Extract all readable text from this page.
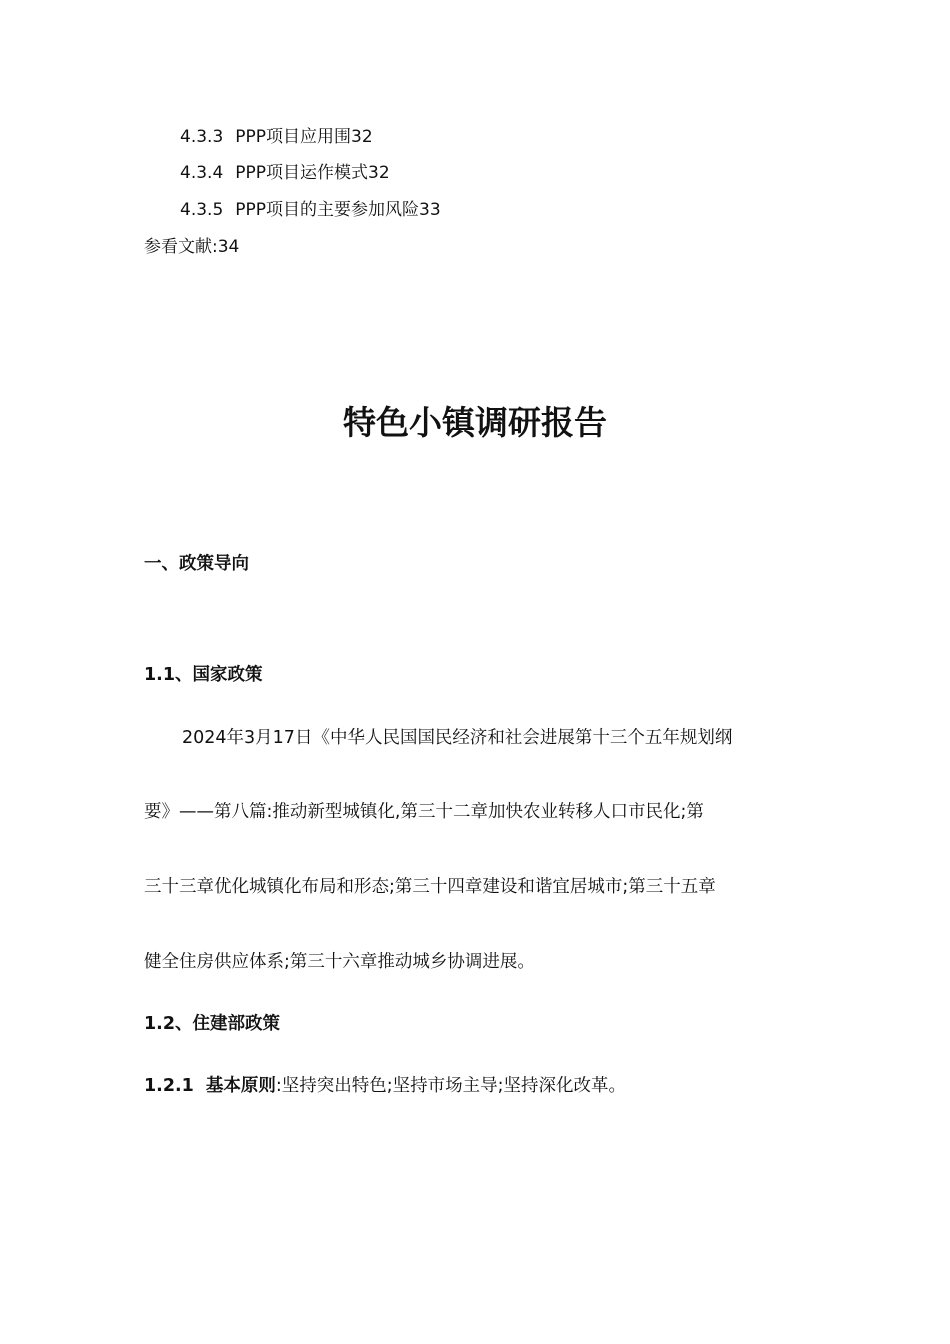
4.3.3 PPP项目应用围32
4.3.4 PPP项目运作模式32
4.3.5 PPP项目的主要参加风险33
参看文献:34
特色小镇调研报告
一、政策导向
1.1、国家政策
2024年3月17日《中华人民国国民经济和社会进展第十三个五年规划纲
要》——第八篇:推动新型城镇化,第三十二章加快农业转移人口市民化;第
三十三章优化城镇化布局和形态;第三十四章建设和谐宜居城市;第三十五章
健全住房供应体系;第三十六章推动城乡协调进展。
1.2、住建部政策
1.2.1 基本原则:坚持突出特色;坚持市场主导;坚持深化改革。
